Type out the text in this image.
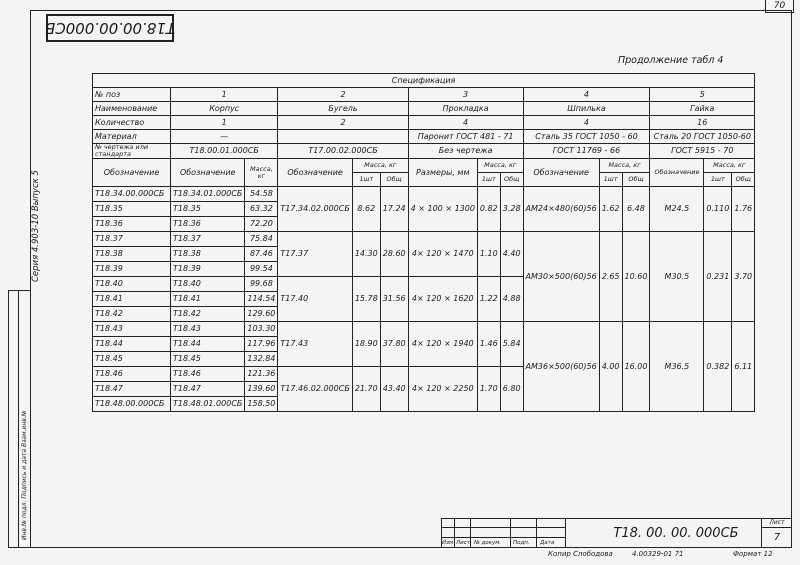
70
Т18.00.00.000СБ
Продолжение табл 4
Серия 4.903-10 Выпуск 5
Инв.№ подл. Подпись и дата Взам.инв.№
Спецификация														
№ поз	1		2			3			4			5		
Наименование	Корпус		Бугель			Прокладка			Шпилька			Гайка		
Количество	1		2			4			4			16		
Материал	—					Паронит ГОСТ 481 - 71			Сталь 35 ГОСТ 1050 - 60			Сталь 20 ГОСТ 1050-60		
№ чертежа или стандарта	Т18.00.01.000СБ		Т17.00.02.000СБ			Без чертежа			ГОСТ 11769 - 66			ГОСТ 5915 - 70		
Обозначение	Обозначение	Масса, кг	Обозначение	Масса, кг		Размеры, мм	Масса, кг		Обозначение	Масса, кг		Обозначение	Масса, кг	
				1шт	Общ		1шт	Общ		1шт	Общ		1шт	Общ
Т18.34.00.000СБ	Т18.34.01.000СБ	54.58	Т17.34.02.000СБ	8.62	17.24	4 × 100 × 1300	0.82	3.28	АМ24×480(60)56	1.62	6.48	М24.5	0.110	1.76
Т18.35	Т18.35	63.32												
Т18.36	Т18.36	72.20												
Т18.37	Т18.37	75.84	Т17.37	14.30	28.60	4× 120 × 1470	1.10	4.40	АМ30×500(60)56	2.65	10.60	М30.5	0.231	3.70
Т18.38	Т18.38	87.46												
Т18.39	Т18.39	99.54												
Т18.40	Т18.40	99.68	Т17.40	15.78	31.56	4× 120 × 1620	1.22	4.88						
Т18.41	Т18.41	114.54												
Т18.42	Т18.42	129.60												
Т18.43	Т18.43	103.30	Т17.43	18.90	37.80	4× 120 × 1940	1.46	5.84	АМ36×500(60)56	4.00	16.00	М36.5	0.382	6.11
Т18.44	Т18.44	117.96												
Т18.45	Т18.45	132.84												
Т18.46	Т18.46	121.36	Т17.46.02.000СБ	21.70	43.40	4× 120 × 2250	1.70	6.80						
Т18.47	Т18.47	139.60												
Т18.48.00.000СБ	Т18.48.01.000СБ	158.50												
Изм Лист № докум. Подп. Дата
Т18. 00. 00. 000СБ
Лист
7
Копир Слободова	4.00329-01 71	Формат 12
